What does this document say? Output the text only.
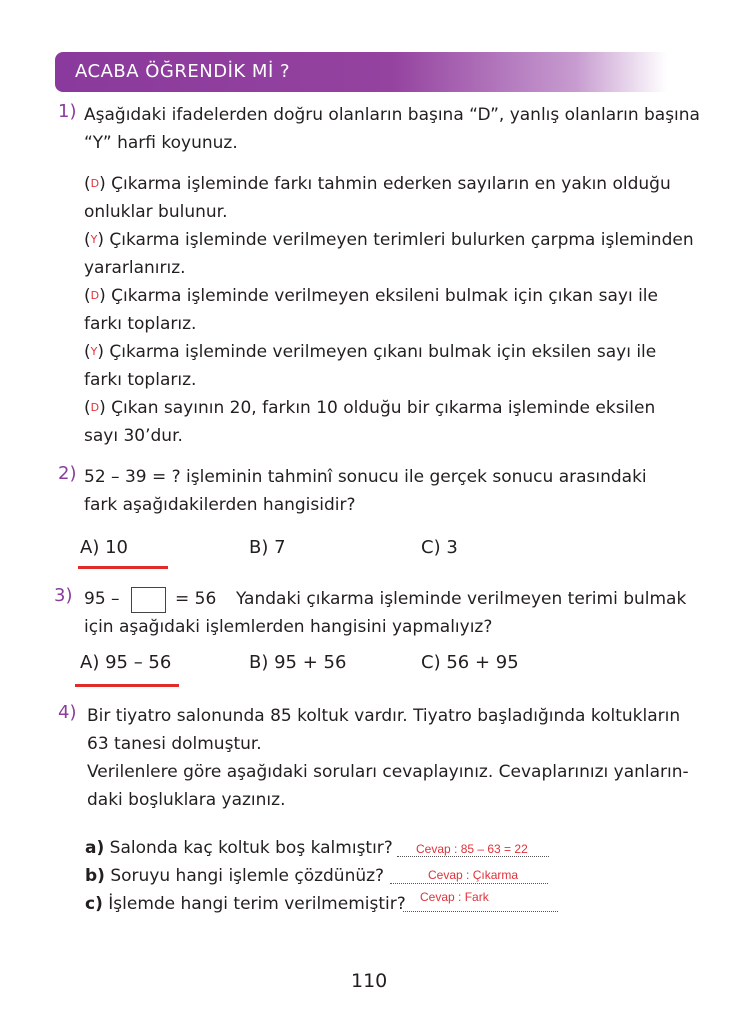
ACABA ÖĞRENDİK Mİ ?
1) Aşağıdaki ifadelerden doğru olanların başına “D”, yanlış olanların başına
“Y” harfi koyunuz.
(D) Çıkarma işleminde farkı tahmin ederken sayıların en yakın olduğu
onluklar bulunur.
(Y) Çıkarma işleminde verilmeyen terimleri bulurken çarpma işleminden
yararlanırız.
(D) Çıkarma işleminde verilmeyen eksileni bulmak için çıkan sayı ile
farkı toplarız.
(Y) Çıkarma işleminde verilmeyen çıkanı bulmak için eksilen sayı ile
farkı toplarız.
(D) Çıkan sayının 20, farkın 10 olduğu bir çıkarma işleminde eksilen
sayı 30’dur.
2) 52 – 39 = ? işleminin tahminî sonucu ile gerçek sonucu arasındaki
fark aşağıdakilerden hangisidir?
A) 10	B) 7	C) 3
3) 95 –	= 56 Yandaki çıkarma işleminde verilmeyen terimi bulmak
için aşağıdaki işlemlerden hangisini yapmalıyız?
A) 95 – 56	B) 95 + 56	C) 56 + 95
4) Bir tiyatro salonunda 85 koltuk vardır. Tiyatro başladığında koltukların
63 tanesi dolmuştur.
Verilenlere göre aşağıdaki soruları cevaplayınız. Cevaplarınızı yanların-
daki boşluklara yazınız.
a) Salonda kaç koltuk boş kalmıştır? Cevap : 85 – 63 = 22
b) Soruyu hangi işlemle çözdünüz?	Cevap : Çıkarma
c) İşlemde hangi terim verilmemiştir? Cevap : Fark
110
